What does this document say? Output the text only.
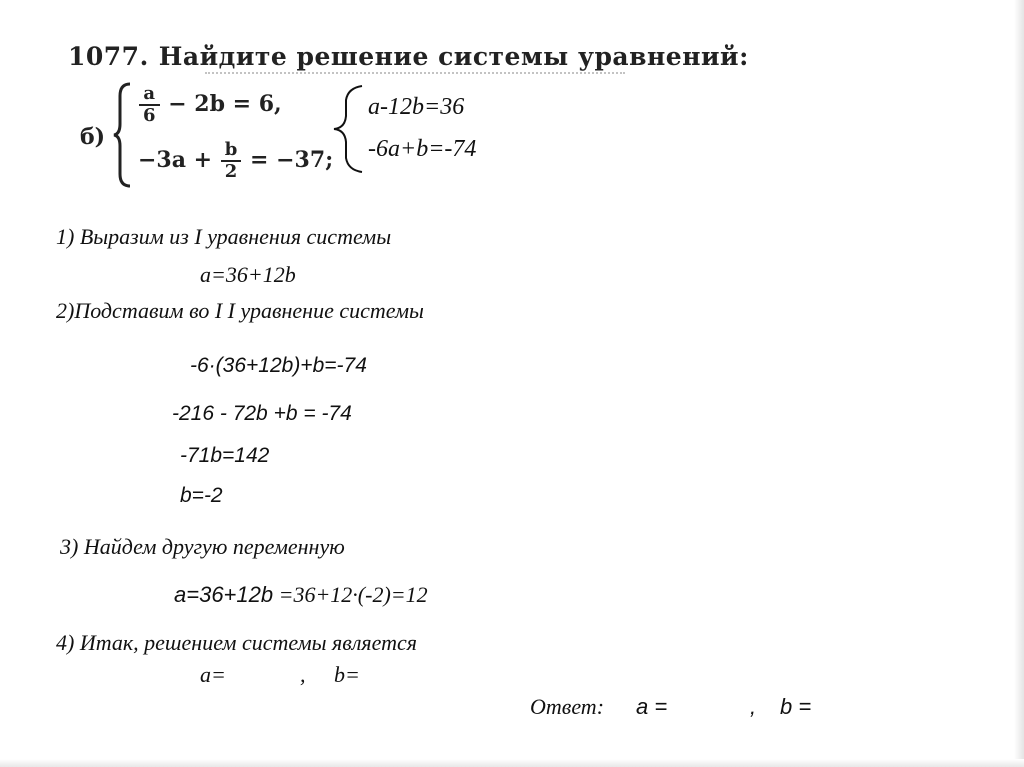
1077. Найдите решение системы уравнений:
б)
$\frac{a}{6} - 2b = 6$,
$-3a + \frac{b}{2} = -37$;
a-12b=36
-6a+b=-74
1) Выразим из I уравнения системы
a=36+12b
2)Подставим во I I уравнение системы
-6·(36+12b)+b=-74
-216 - 72b +b = -74
-71b=142
b=-2
3) Найдем другую переменную
a=36+12b =36+12·(-2)=12
4) Итак, решением системы является
a=	, b=
Ответ: a =	, b =
